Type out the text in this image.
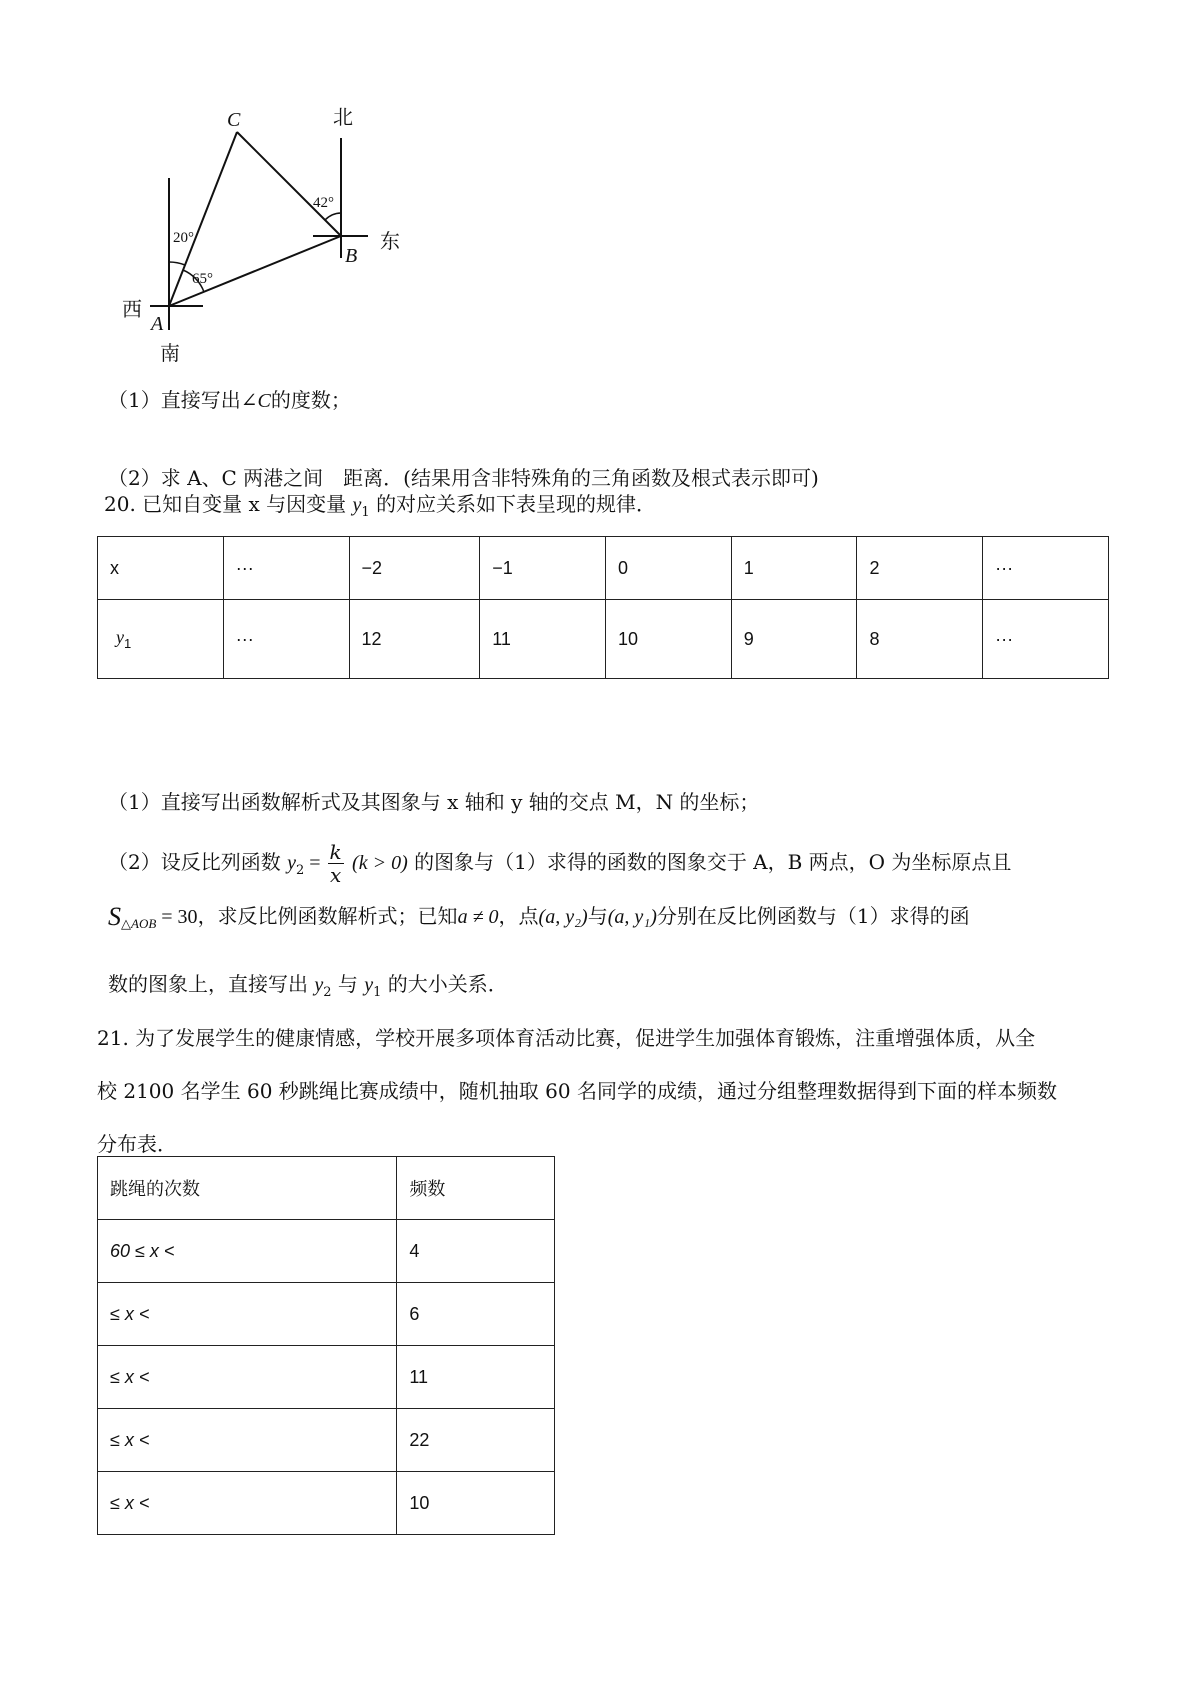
C
B
A
北
东
西
南
42°
20°
65°
（1）直接写出∠C的度数；
（2）求 A、C 两港之间　距离．(结果用含非特殊角的三角函数及根式表示即可)
20. 已知自变量 x 与因变量 $y_1$ 的对应关系如下表呈现的规律．
x	···	−2	−1	0	1	2	···
$y_1$	···	12	11	10	9	8	···
（1）直接写出函数解析式及其图象与 x 轴和 y 轴的交点 M，N 的坐标；
（2）设反比列函数 $y_2 = \frac{k}{x} (k > 0)$ 的图象与（1）求得的函数的图象交于 A，B 两点，O 为坐标原点且
$S_{\triangle AOB} = 30$，求反比例函数解析式；已知a ≠ 0，点(a, y₂)与(a, y₁)分别在反比例函数与（1）求得的函
数的图象上，直接写出 $y_2$ 与 $y_1$ 的大小关系．
21. 为了发展学生的健康情感，学校开展多项体育活动比赛，促进学生加强体育锻炼，注重增强体质，从全
校 2100 名学生 60 秒跳绳比赛成绩中，随机抽取 60 名同学的成绩，通过分组整理数据得到下面的样本频数
分布表．
跳绳的次数	频数
60 ≤ x <	4
≤ x <	6
≤ x <	11
≤ x <	22
≤ x <	10
